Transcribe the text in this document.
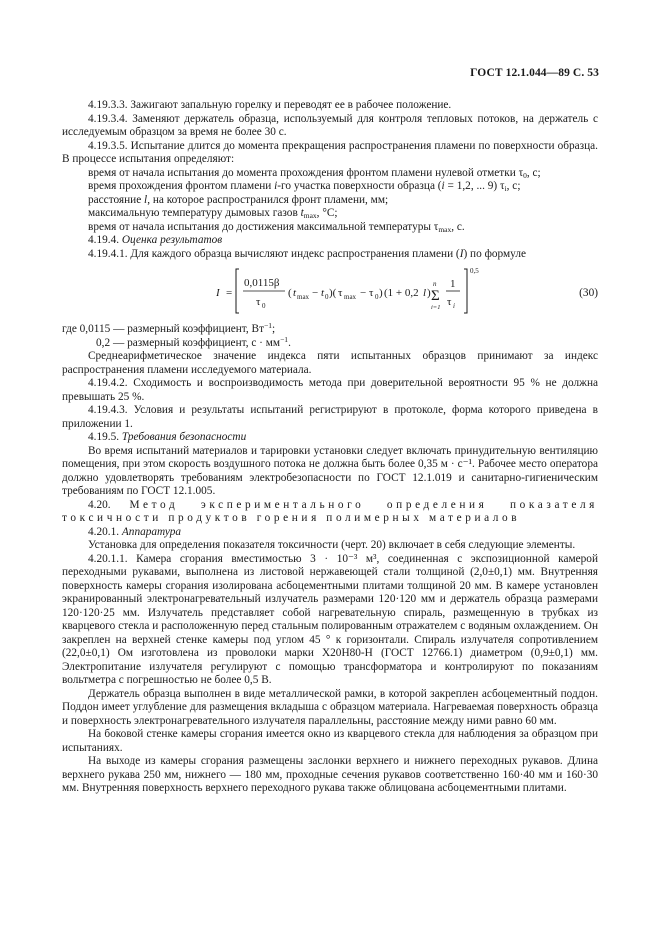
ГОСТ 12.1.044—89 С. 53

4.19.3.3. Зажигают запальную горелку и переводят ее в рабочее положение.

4.19.3.4. Заменяют держатель образца, используемый для контроля тепловых потоков, на держатель с исследуемым образцом за время не более 30 с.

4.19.3.5. Испытание длится до момента прекращения распространения пламени по поверхности образца. В процессе испытания определяют:

время от начала испытания до момента прохождения фронтом пламени нулевой отметки $\tau_0$, с;

время прохождения фронтом пламени i-го участка поверхности образца (i = 1,2, ... 9) $\tau_i$, с;

расстояние l, на которое распространился фронт пламени, мм;

максимальную температуру дымовых газов $t_{max}$, °С;

время от начала испытания до достижения максимальной температуры $\tau_{max}$, с.

4.19.4. Оценка результатов

4.19.4.1. Для каждого образца вычисляют индекс распространения пламени (I) по формуле

I =
0,0115β
τ 0
( t max − t 0 )( τ max − τ 0 ) (1 + 0,2 l )
n
Σ
i=1
1
τ i
0,5
(30)

где 0,0115 — размерный коэффициент, $Вт^{-1}$;

0,2 — размерный коэффициент, $с \cdot мм^{-1}$.

Среднеарифметическое значение индекса пяти испытанных образцов принимают за индекс распространения пламени исследуемого материала.

4.19.4.2. Сходимость и воспроизводимость метода при доверительной вероятности 95 % не должна превышать 25 %.

4.19.4.3. Условия и результаты испытаний регистрируют в протоколе, форма которого приведена в приложении 1.

4.19.5. Требования безопасности

Во время испытаний материалов и тарировки установки следует включать принудительную вентиляцию помещения, при этом скорость воздушного потока не должна быть более 0,35 м · с⁻¹. Рабочее место оператора должно удовлетворять требованиям электробезопасности по ГОСТ 12.1.019 и санитарно-гигиеническим требованиям по ГОСТ 12.1.005.

4.20. Метод экспериментального определения показателя токсичности продуктов горения полимерных материалов

4.20.1. Аппаратура

Установка для определения показателя токсичности (черт. 20) включает в себя следующие элементы.

4.20.1.1. Камера сгорания вместимостью 3 · 10⁻³ м³, соединенная с экспозиционной камерой переходными рукавами, выполнена из листовой нержавеющей стали толщиной (2,0±0,1) мм. Внутренняя поверхность камеры сгорания изолирована асбоцементными плитами толщиной 20 мм. В камере установлен экранированный электронагревательный излучатель размерами 120·120 мм и держатель образца размерами 120·120·25 мм. Излучатель представляет собой нагревательную спираль, размещенную в трубках из кварцевого стекла и расположенную перед стальным полированным отражателем с водяным охлаждением. Он закреплен на верхней стенке камеры под углом 45 ° к горизонтали. Спираль излучателя сопротивлением (22,0±0,1) Ом изготовлена из проволоки марки Х20Н80-Н (ГОСТ 12766.1) диаметром (0,9±0,1) мм. Электропитание излучателя регулируют с помощью трансформатора и контролируют по показаниям вольтметра с погрешностью не более 0,5 В.

Держатель образца выполнен в виде металлической рамки, в которой закреплен асбоцементный поддон. Поддон имеет углубление для размещения вкладыша с образцом материала. Нагреваемая поверхность образца и поверхность электронагревательного излучателя параллельны, расстояние между ними равно 60 мм.

На боковой стенке камеры сгорания имеется окно из кварцевого стекла для наблюдения за образцом при испытаниях.

На выходе из камеры сгорания размещены заслонки верхнего и нижнего переходных рукавов. Длина верхнего рукава 250 мм, нижнего — 180 мм, проходные сечения рукавов соответственно 160·40 мм и 160·30 мм. Внутренняя поверхность верхнего переходного рукава также облицована асбоцементными плитами.
